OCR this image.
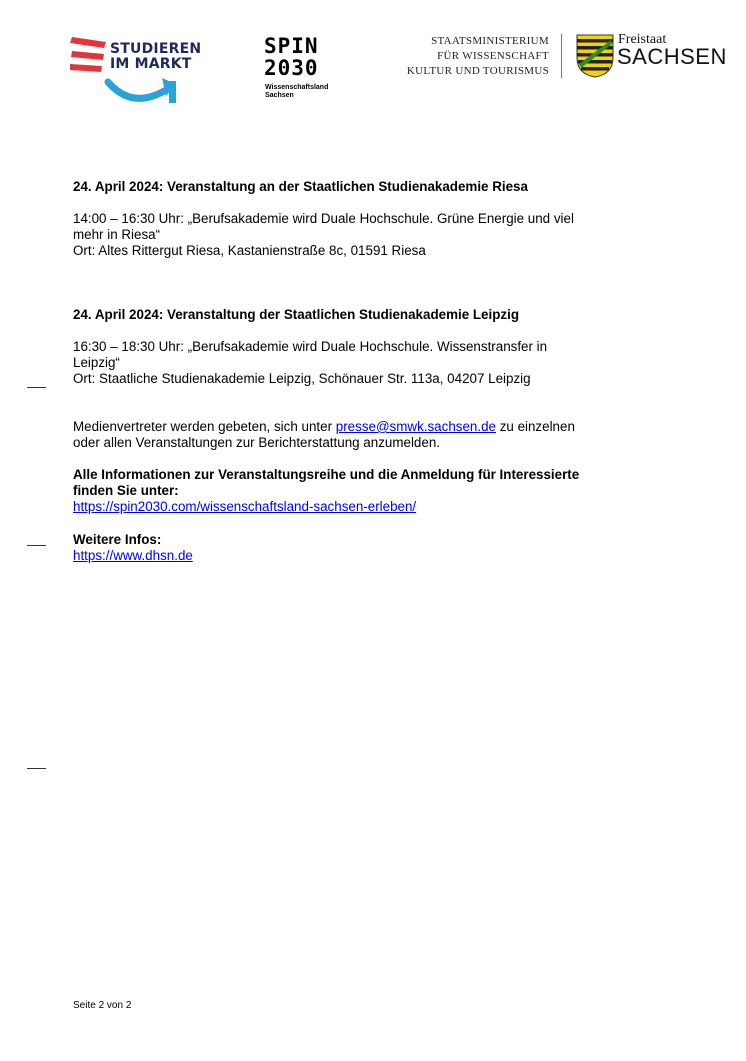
STUDIEREN
IM MARKT
SPIN
2030
Wissenschaftsland
Sachsen
STAATSMINISTERIUM
FÜR WISSENSCHAFT
KULTUR UND TOURISMUS
Freistaat
SACHSEN
24. April 2024: Veranstaltung an der Staatlichen Studienakademie Riesa
14:00 – 16:30 Uhr: „Berufsakademie wird Duale Hochschule. Grüne Energie und viel
mehr in Riesa“
Ort: Altes Rittergut Riesa, Kastanienstraße 8c, 01591 Riesa
24. April 2024: Veranstaltung der Staatlichen Studienakademie Leipzig
16:30 – 18:30 Uhr: „Berufsakademie wird Duale Hochschule. Wissenstransfer in
Leipzig“
Ort: Staatliche Studienakademie Leipzig, Schönauer Str. 113a, 04207 Leipzig
Medienvertreter werden gebeten, sich unter presse@smwk.sachsen.de zu einzelnen
oder allen Veranstaltungen zur Berichterstattung anzumelden.
Alle Informationen zur Veranstaltungsreihe und die Anmeldung für Interessierte
finden Sie unter:
https://spin2030.com/wissenschaftsland-sachsen-erleben/
Weitere Infos:
https://www.dhsn.de
Seite 2 von 2
